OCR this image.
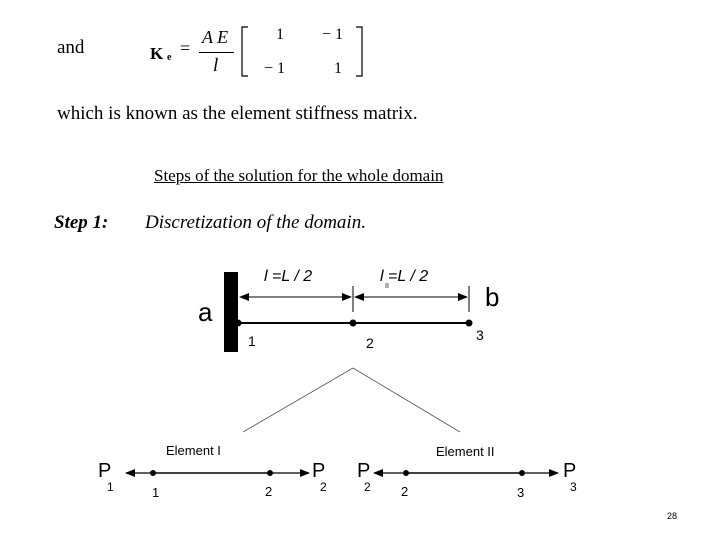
and	K e =
A E
l
1 − 1
− 1	1
which is known as the element stiffness matrix.
Steps of the solution for the whole domain
Step 1: Discretization of the domain.
l =L / 2	l =L / 2
II
a	b
1	2	3
Element I
P
1
P
2
1	2
Element II
P
2
P
3
2	3
28
